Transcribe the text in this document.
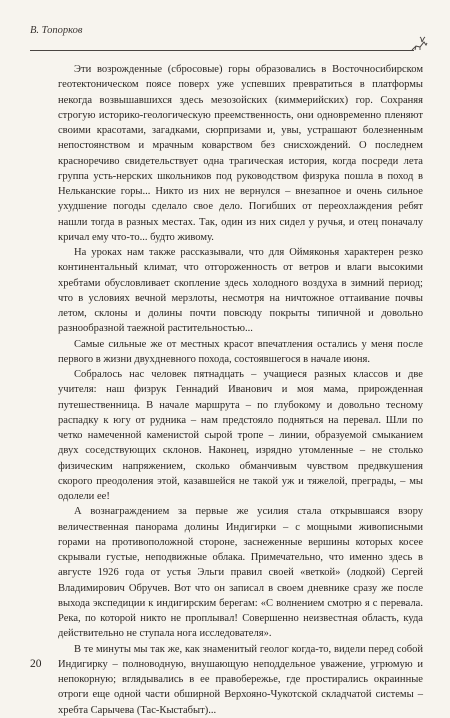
В. Топорков

Эти возрожденные (сбросовые) горы образовались в Восточносибирском геотектоническом поясе поверх уже успевших превратиться в платформы некогда возвышавшихся здесь мезозойских (киммерийских) гор. Сохраняя строгую историко-геологическую преемственность, они одновременно пленяют своими красотами, загадками, сюрпризами и, увы, устрашают болезненным непостоянством и мрачным коварством без снисхождений. О последнем красноречиво свидетельствует одна трагическая история, когда посреди лета группа усть-нерских школьников под руководством физрука пошла в поход в Нельканские горы... Никто из них не вернулся – внезапное и очень сильное ухудшение погоды сделало свое дело. Погибших от переохлаждения ребят нашли тогда в разных местах. Так, один из них сидел у ручья, и отец поначалу кричал ему что-то... будто живому.

На уроках нам также рассказывали, что для Оймяконья характерен резко континентальный климат, что отгороженность от ветров и влаги высокими хребтами обусловливает скопление здесь холодного воздуха в зимний период; что в условиях вечной мерзлоты, несмотря на ничтожное оттаивание почвы летом, склоны и долины почти повсюду покрыты типичной и довольно разнообразной таежной растительностью...

Самые сильные же от местных красот впечатления остались у меня после первого в жизни двухдневного похода, состоявшегося в начале июня.

Собралось нас человек пятнадцать – учащиеся разных классов и две учителя: наш физрук Геннадий Иванович и моя мама, прирожденная путешественница. В начале маршрута – по глубокому и довольно тесному распадку к югу от рудника – нам предстояло подняться на перевал. Шли по четко намеченной каменистой сырой тропе – линии, образуемой смыканием двух соседствующих склонов. Наконец, изрядно утомленные – не столько физическим напряжением, сколько обманчивым чувством предвкушения скорого преодоления этой, казавшейся не такой уж и тяжелой, преграды, – мы одолели ее!

А вознаграждением за первые же усилия стала открывшаяся взору величественная панорама долины Индигирки – с мощными живописными горами на противоположной стороне, заснеженные вершины которых косее скрывали густые, неподвижные облака. Примечательно, что именно здесь в августе 1926 года от устья Эльги правил своей «веткой» (лодкой) Сергей Владимирович Обручев. Вот что он записал в своем дневнике сразу же после выхода экспедиции к индигирским берегам: «С волнением смотрю я с перевала. Река, по которой никто не проплывал! Совершенно неизвестная область, куда действительно не ступала нога исследователя».

В те минуты мы так же, как знаменитый геолог когда-то, видели перед собой Индигирку – полноводную, внушающую неподдельное уважение, угрюмую и непокорную; вглядывались в ее правобережье, где простирались окраинные отроги еще одной части обширной Верхояно-Чукотской складчатой системы – хребта Сарычева (Тас-Кыстабыт)...

20
